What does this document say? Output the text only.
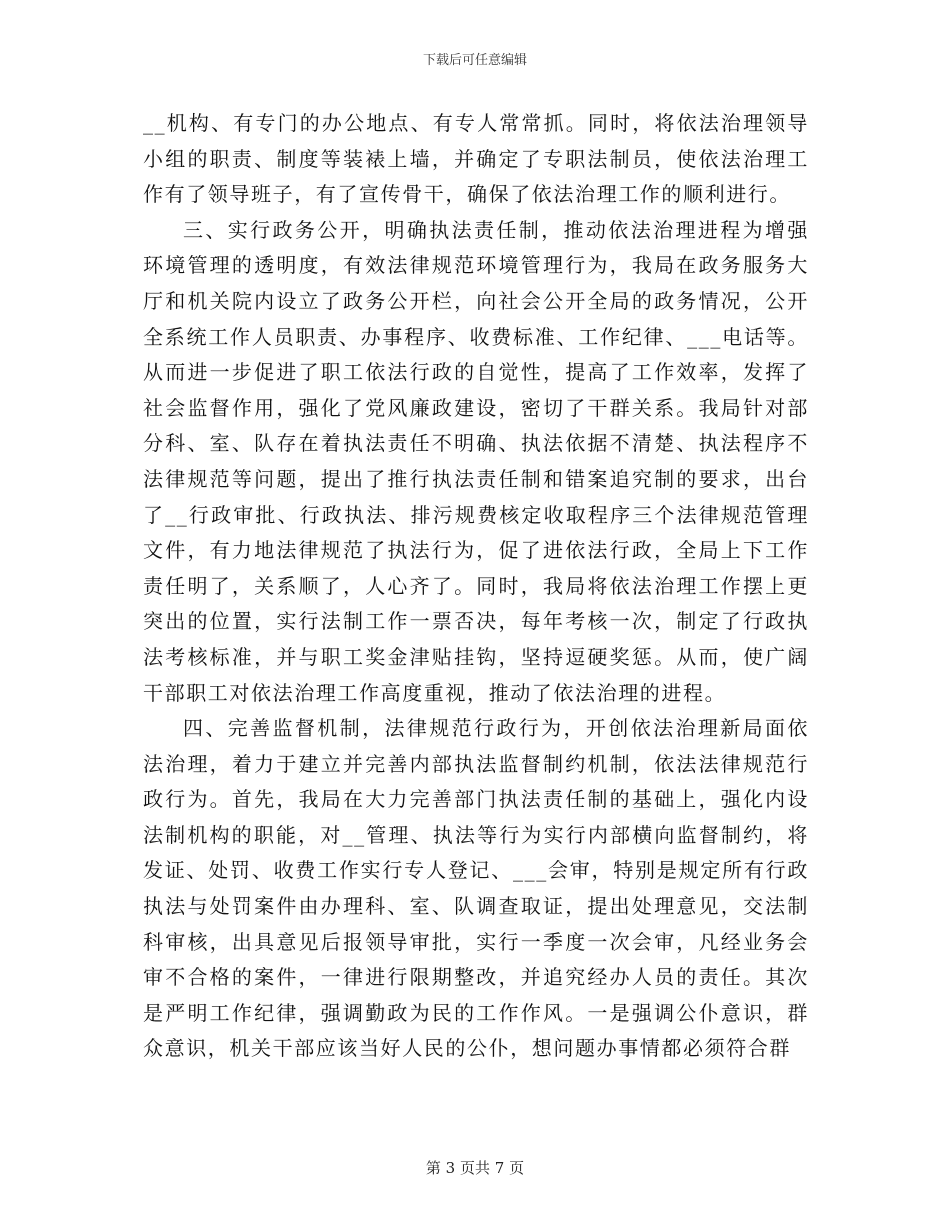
下载后可任意编辑

__机构、有专门的办公地点、有专人常常抓。同时，将依法治理领导小组的职责、制度等装裱上墙，并确定了专职法制员，使依法治理工作有了领导班子，有了宣传骨干，确保了依法治理工作的顺利进行。

三、实行政务公开，明确执法责任制，推动依法治理进程为增强环境管理的透明度，有效法律规范环境管理行为，我局在政务服务大厅和机关院内设立了政务公开栏，向社会公开全局的政务情况，公开全系统工作人员职责、办事程序、收费标准、工作纪律、___电话等。从而进一步促进了职工依法行政的自觉性，提高了工作效率，发挥了社会监督作用，强化了党风廉政建设，密切了干群关系。我局针对部分科、室、队存在着执法责任不明确、执法依据不清楚、执法程序不法律规范等问题，提出了推行执法责任制和错案追究制的要求，出台了__行政审批、行政执法、排污规费核定收取程序三个法律规范管理文件，有力地法律规范了执法行为，促了进依法行政，全局上下工作责任明了，关系顺了，人心齐了。同时，我局将依法治理工作摆上更突出的位置，实行法制工作一票否决，每年考核一次，制定了行政执法考核标准，并与职工奖金津贴挂钩，坚持逗硬奖惩。从而，使广阔干部职工对依法治理工作高度重视，推动了依法治理的进程。

四、完善监督机制，法律规范行政行为，开创依法治理新局面依法治理，着力于建立并完善内部执法监督制约机制，依法法律规范行政行为。首先，我局在大力完善部门执法责任制的基础上，强化内设法制机构的职能，对__管理、执法等行为实行内部横向监督制约，将发证、处罚、收费工作实行专人登记、___会审，特别是规定所有行政执法与处罚案件由办理科、室、队调查取证，提出处理意见，交法制科审核，出具意见后报领导审批，实行一季度一次会审，凡经业务会审不合格的案件，一律进行限期整改，并追究经办人员的责任。其次是严明工作纪律，强调勤政为民的工作作风。一是强调公仆意识，群众意识，机关干部应该当好人民的公仆，想问题办事情都必须符合群

第 3 页共 7 页
